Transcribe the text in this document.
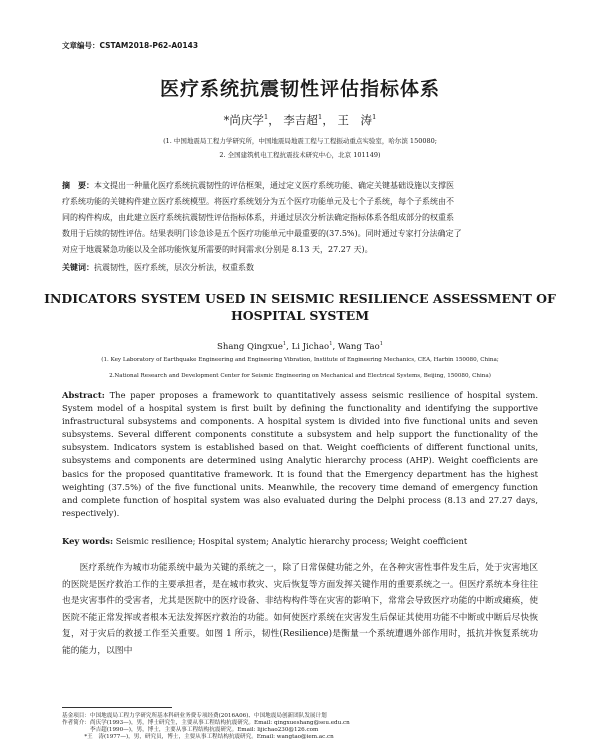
文章编号：CSTAM2018-P62-A0143
医疗系统抗震韧性评估指标体系
*尚庆学$^1$， 李吉超$^1$， 王　涛$^1$
(1. 中国地震局工程力学研究所，中国地震局地震工程与工程振动重点实验室，哈尔滨 150080;
2. 全国建筑机电工程抗震技术研究中心，北京 101149)
摘　要：本文提出一种量化医疗系统抗震韧性的评估框架，通过定义医疗系统功能、确定关键基础设施以支撑医
疗系统功能的关键构件建立医疗系统模型。将医疗系统划分为五个医疗功能单元及七个子系统，每个子系统由不
同的构件构成，由此建立医疗系统抗震韧性评估指标体系，并通过层次分析法确定指标体系各组成部分的权重系
数用于后续的韧性评估。结果表明门诊急诊是五个医疗功能单元中最重要的(37.5%)。同时通过专家打分法确定了
对应于地震紧急功能以及全部功能恢复所需要的时间需求(分别是 8.13 天，27.27 天)。
关键词：抗震韧性，医疗系统，层次分析法，权重系数
INDICATORS SYSTEM USED IN SEISMIC RESILIENCE ASSESSMENT OF
HOSPITAL SYSTEM
Shang Qingxue$^1$, Li Jichao$^1$, Wang Tao$^1$
(1. Key Laboratory of Earthquake Engineering and Engineering Vibration, Institute of Engineering Mechanics, CEA, Harbin 150080, China;
2.National Research and Development Center for Seismic Engineering on Mechanical and Electrical Systems, Beijing, 150080, China)
Abstract: The paper proposes a framework to quantitatively assess seismic resilience of hospital system. System model of a hospital system is first built by defining the functionality and identifying the supportive infrastructural subsystems and components. A hospital system is divided into five functional units and seven subsystems. Several different components constitute a subsystem and help support the functionality of the subsystem. Indicators system is established based on that. Weight coefficients of different functional units, subsystems and components are determined using Analytic hierarchy process (AHP). Weight coefficients are basics for the proposed quantitative framework. It is found that the Emergency department has the highest weighting (37.5%) of the five functional units. Meanwhile, the recovery time demand of emergency function and complete function of hospital system was also evaluated during the Delphi process (8.13 and 27.27 days, respectively).
Key words: Seismic resilience; Hospital system; Analytic hierarchy process; Weight coefficient
医疗系统作为城市功能系统中最为关键的系统之一，除了日常保健功能之外，在各种灾害性事件发生后，处于灾害地区的医院是医疗救治工作的主要承担者，是在城市救灾、灾后恢复等方面发挥关键作用的重要系统之一。但医疗系统本身往往也是灾害事件的受害者，尤其是医院中的医疗设备、非结构构件等在灾害的影响下，常常会导致医疗功能的中断或瘫痪，使医院不能正常发挥或者根本无法发挥医疗救治的功能。如何使医疗系统在灾害发生后保证其使用功能不中断或中断后尽快恢复，对于灾后的救援工作至关重要。如图 1 所示，韧性(Resilience)是衡量一个系统遭遇外部作用时，抵抗并恢复系统功能的能力，以图中
基金项目：中国地震局工程力学研究所基本科研业务费专项经费(2016A06)、中国地震局创新团队发展计划
作者简介：尚庆学(1993—)，男，博士研究生，主要从事工程结构抗震研究。Email: qingxueshang@seu.edu.cn
　　　　　李吉超(1990—)，男，博士，主要从事工程结构抗震研究。Email: lijichao230@126.com
　　　　*王　涛(1977—)，男，研究员，博士，主要从事工程结构抗震研究。Email: wangtao@iem.ac.cn
